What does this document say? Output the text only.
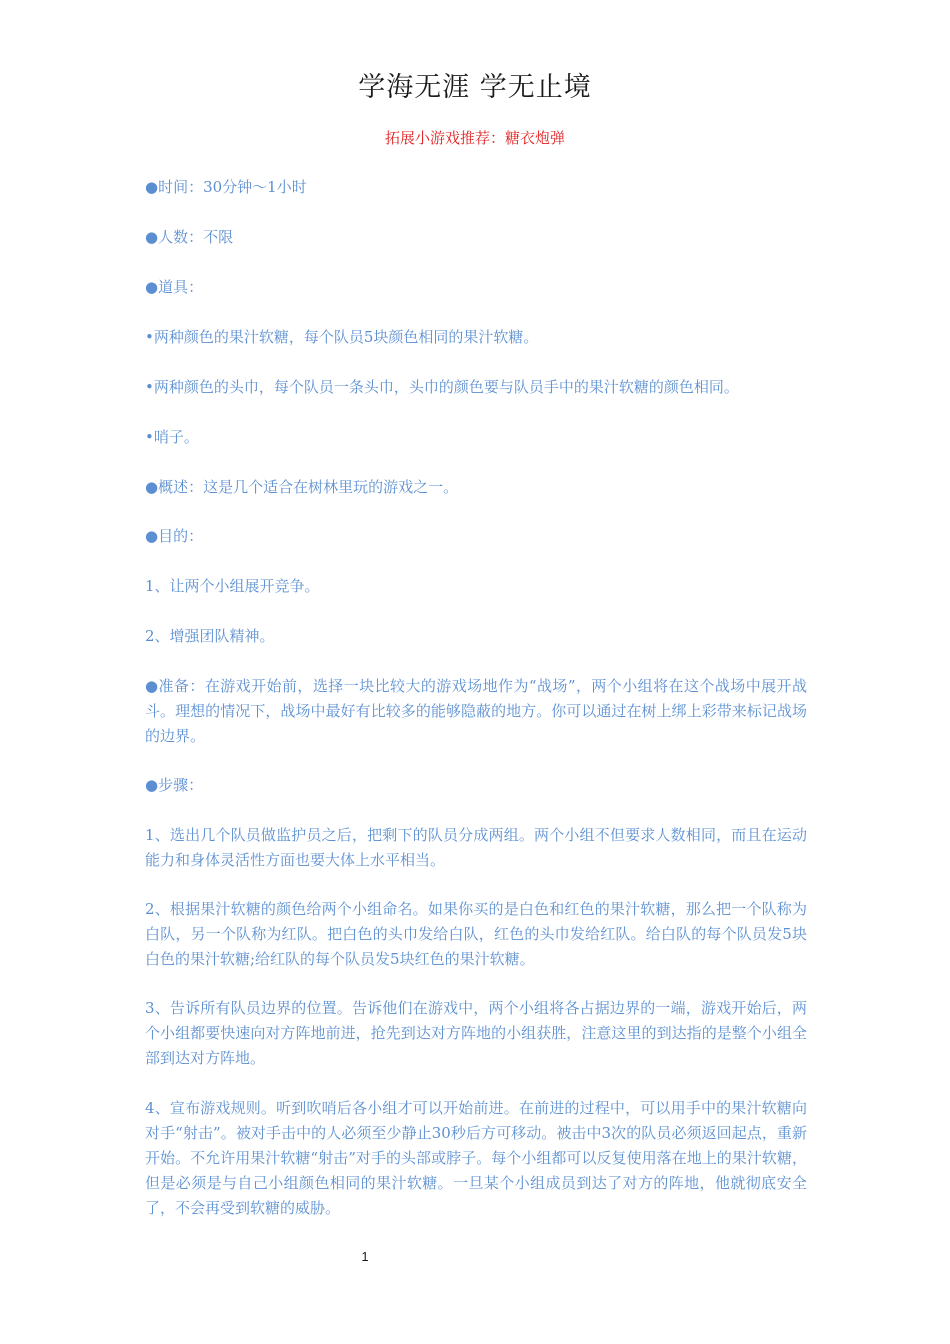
学海无涯 学无止境
拓展小游戏推荐：糖衣炮弹

●时间：30分钟～1小时

●人数：不限

●道具：

•两种颜色的果汁软糖，每个队员5块颜色相同的果汁软糖。

•两种颜色的头巾，每个队员一条头巾，头巾的颜色要与队员手中的果汁软糖的颜色相同。

•哨子。

●概述：这是几个适合在树林里玩的游戏之一。

●目的：

1、让两个小组展开竞争。

2、增强团队精神。

●准备：在游戏开始前，选择一块比较大的游戏场地作为“战场”，两个小组将在这个战场中展开战斗。理想的情况下，战场中最好有比较多的能够隐蔽的地方。你可以通过在树上绑上彩带来标记战场的边界。

●步骤：

1、选出几个队员做监护员之后，把剩下的队员分成两组。两个小组不但要求人数相同，而且在运动能力和身体灵活性方面也要大体上水平相当。

2、根据果汁软糖的颜色给两个小组命名。如果你买的是白色和红色的果汁软糖，那么把一个队称为白队，另一个队称为红队。把白色的头巾发给白队，红色的头巾发给红队。给白队的每个队员发5块白色的果汁软糖;给红队的每个队员发5块红色的果汁软糖。

3、告诉所有队员边界的位置。告诉他们在游戏中，两个小组将各占据边界的一端，游戏开始后，两个小组都要快速向对方阵地前进，抢先到达对方阵地的小组获胜，注意这里的到达指的是整个小组全部到达对方阵地。

4、宣布游戏规则。听到吹哨后各小组才可以开始前进。在前进的过程中，可以用手中的果汁软糖向对手“射击”。被对手击中的人必须至少静止30秒后方可移动。被击中3次的队员必须返回起点，重新开始。不允许用果汁软糖“射击”对手的头部或脖子。每个小组都可以反复使用落在地上的果汁软糖，但是必须是与自己小组颜色相同的果汁软糖。一旦某个小组成员到达了对方的阵地，他就彻底安全了，不会再受到软糖的威胁。

1
